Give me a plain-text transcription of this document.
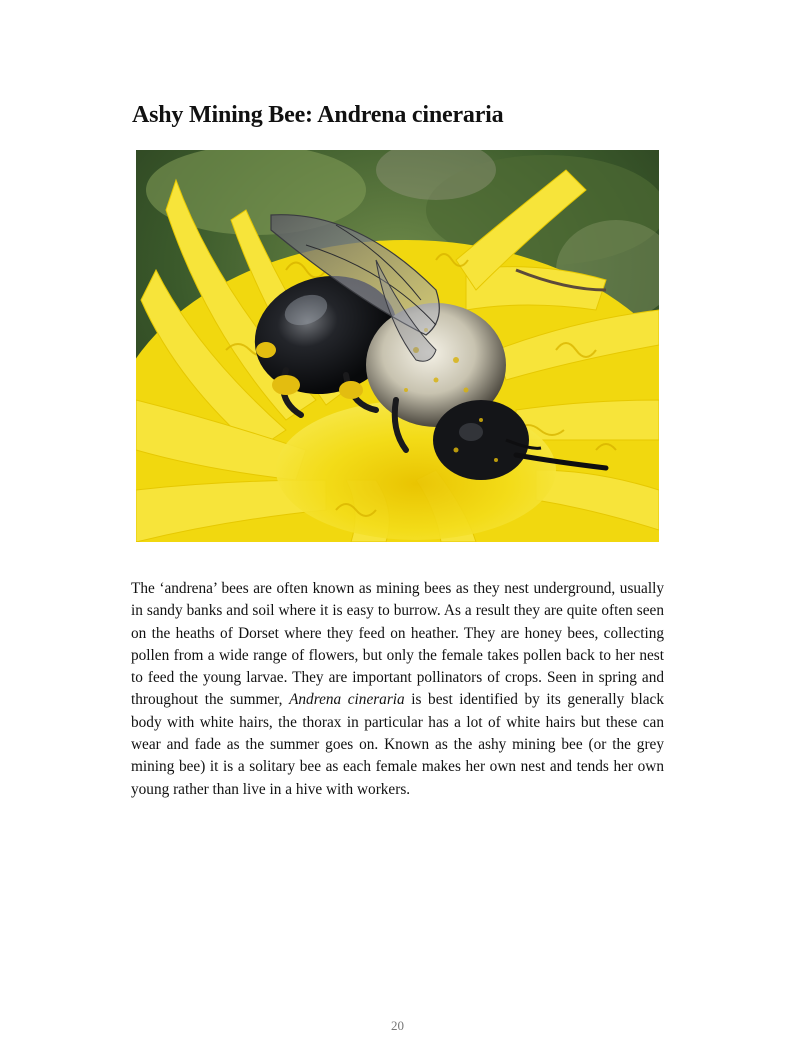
Ashy Mining Bee: Andrena cineraria

The ‘andrena’ bees are often known as mining bees as they nest underground, usually in sandy banks and soil where it is easy to burrow. As a result they are quite often seen on the heaths of Dorset where they feed on heather. They are honey bees, collecting pollen from a wide range of flowers, but only the female takes pollen back to her nest to feed the young larvae. They are important pollinators of crops. Seen in spring and throughout the summer, Andrena cineraria is best identified by its generally black body with white hairs, the thorax in particular has a lot of white hairs but these can wear and fade as the summer goes on. Known as the ashy mining bee (or the grey mining bee) it is a solitary bee as each female makes her own nest and tends her own young rather than live in a hive with workers.

20
